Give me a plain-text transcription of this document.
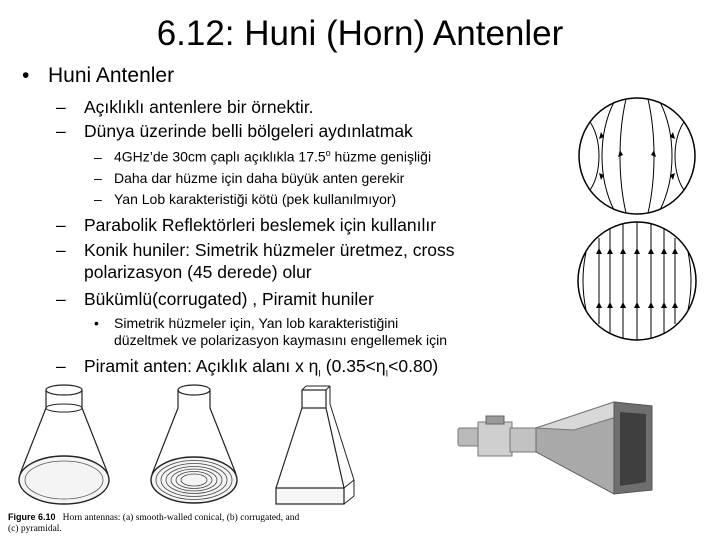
6.12: Huni (Horn) Antenler
• Huni Antenler
– Açıklıklı antenlere bir örnektir.
– Dünya üzerinde belli bölgeleri aydınlatmak
– 4GHz’de 30cm çaplı açıklıkla 17.5$^o$ hüzme genişliği
– Daha dar hüzme için daha büyük anten gerekir
– Yan Lob karakteristiği kötü (pek kullanılmıyor)
– Parabolik Reflektörleri beslemek için kullanılır
– Konik huniler: Simetrik hüzmeler üretmez, cross
polarizasyon (45 derede) olur
– Bükümlü(corrugated) , Piramit huniler
• Simetrik hüzmeler için, Yan lob karakteristiğini
düzeltmek ve polarizasyon kaymasını engellemek için
– Piramit anten: Açıklık alanı x $\eta_I$ $(0.35<\eta_I<0.80)$
Figure 6.10 Horn antennas: (a) smooth-walled conical, (b) corrugated, and
(c) pyramidal.
